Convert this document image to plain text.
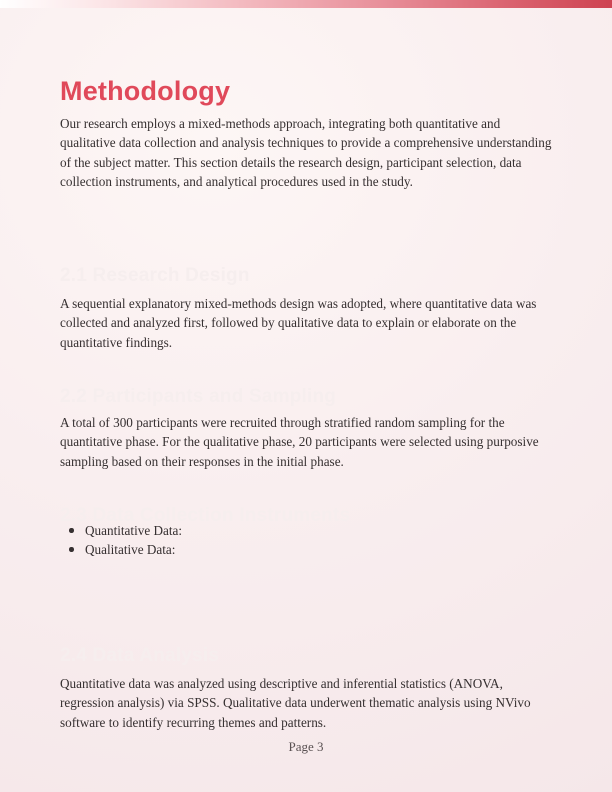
Methodology

Our research employs a mixed-methods approach, integrating both quantitative and qualitative data collection and analysis techniques to provide a comprehensive understanding of the subject matter. This section details the research design, participant selection, data collection instruments, and analytical procedures used in the study.

2.1 Research Design

A sequential explanatory mixed-methods design was adopted, where quantitative data was collected and analyzed first, followed by qualitative data to explain or elaborate on the quantitative findings.

2.2 Participants and Sampling

A total of 300 participants were recruited through stratified random sampling for the quantitative phase. For the qualitative phase, 20 participants were selected using purposive sampling based on their responses in the initial phase.

2.3 Data Collection Instruments
Quantitative Data:
Qualitative Data:
2.4 Data Analysis

Quantitative data was analyzed using descriptive and inferential statistics (ANOVA, regression analysis) via SPSS. Qualitative data underwent thematic analysis using NVivo software to identify recurring themes and patterns.

Page 3
